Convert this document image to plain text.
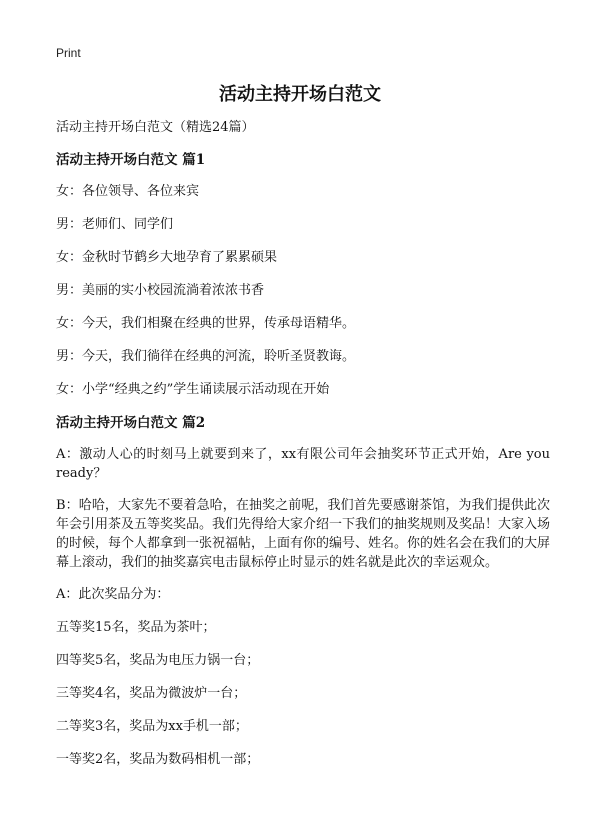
Print
活动主持开场白范文

活动主持开场白范文（精选24篇）

活动主持开场白范文 篇1

女：各位领导、各位来宾

男：老师们、同学们

女：金秋时节鹤乡大地孕育了累累硕果

男：美丽的实小校园流淌着浓浓书香

女：今天，我们相聚在经典的世界，传承母语精华。

男：今天，我们徜徉在经典的河流，聆听圣贤教诲。

女：小学“经典之约”学生诵读展示活动现在开始

活动主持开场白范文 篇2

A：激动人心的时刻马上就要到来了，xx有限公司年会抽奖环节正式开始，Are you ready？

B：哈哈，大家先不要着急哈，在抽奖之前呢，我们首先要感谢茶馆，为我们提供此次年会引用茶及五等奖奖品。我们先得给大家介绍一下我们的抽奖规则及奖品！大家入场的时候，每个人都拿到一张祝福帖，上面有你的编号、姓名。你的姓名会在我们的大屏幕上滚动，我们的抽奖嘉宾电击鼠标停止时显示的姓名就是此次的幸运观众。

A：此次奖品分为：

五等奖15名，奖品为茶叶；

四等奖5名，奖品为电压力锅一台；

三等奖4名，奖品为微波炉一台；

二等奖3名，奖品为xx手机一部；

一等奖2名，奖品为数码相机一部；
